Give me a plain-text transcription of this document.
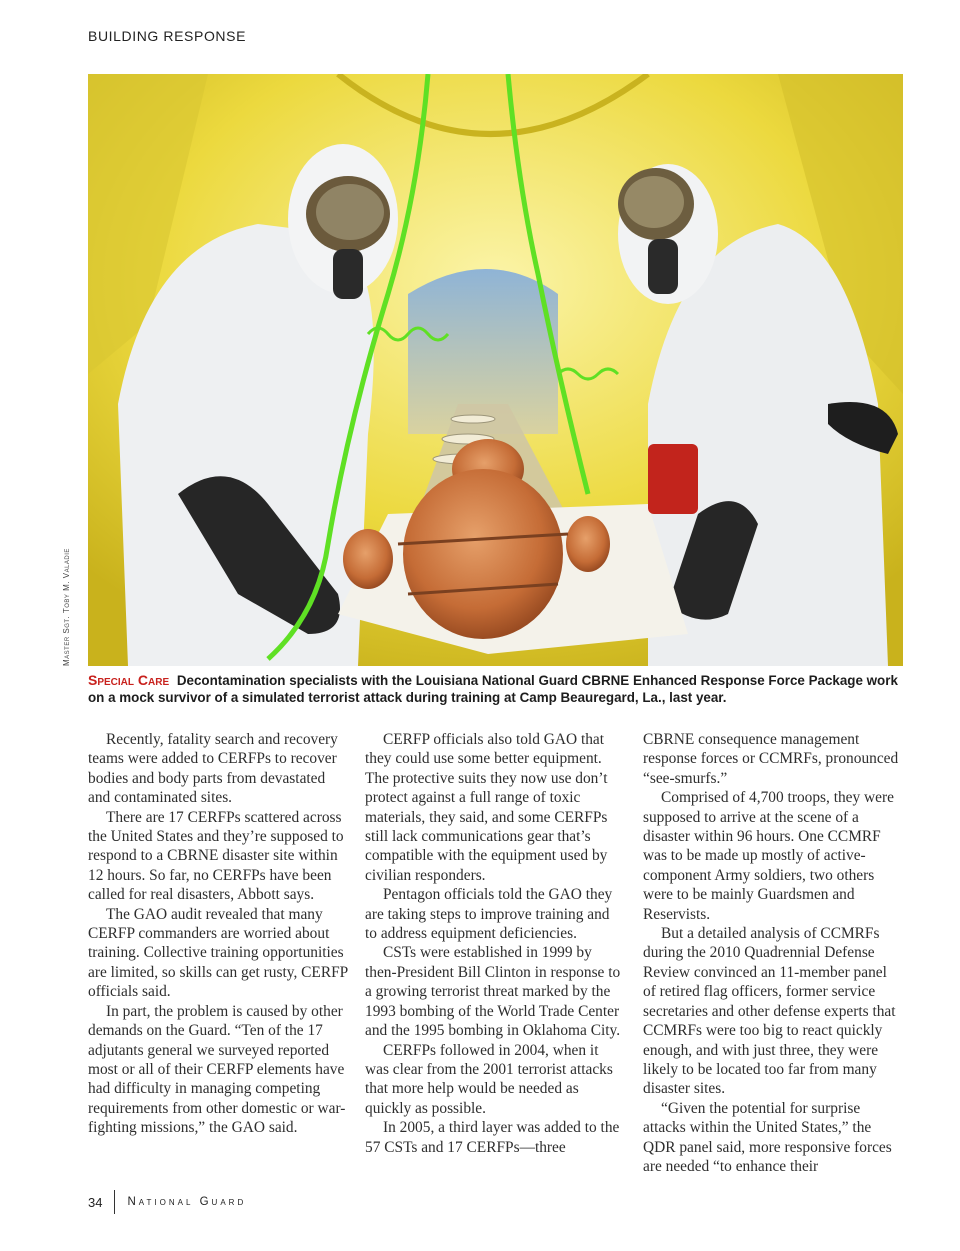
BUILDING RESPONSE
Master Sgt. Toby M. Valadie
Special Care Decontamination specialists with the Louisiana National Guard CBRNE Enhanced Response Force Package work on a mock survivor of a simulated terrorist attack during training at Camp Beauregard, La., last year.

Recently, fatality search and recovery teams were added to CERFPs to recover bodies and body parts from devastated and contaminated sites.

There are 17 CERFPs scattered across the United States and they’re supposed to respond to a CBRNE disaster site within 12 hours. So far, no CERFPs have been called for real disasters, Abbott says.

The GAO audit revealed that many CERFP commanders are worried about training. Collective training opportunities are limited, so skills can get rusty, CERFP officials said.

In part, the problem is caused by other demands on the Guard. “Ten of the 17 adjutants general we surveyed reported most or all of their CERFP elements have had difficulty in managing competing requirements from other domestic or war-fighting missions,” the GAO said.

CERFP officials also told GAO that they could use some better equipment. The protective suits they now use don’t protect against a full range of toxic materials, they said, and some CERFPs still lack communications gear that’s compatible with the equipment used by civilian responders.

Pentagon officials told the GAO they are taking steps to improve training and to address equipment deficiencies.

CSTs were established in 1999 by then-President Bill Clinton in response to a growing terrorist threat marked by the 1993 bombing of the World Trade Center and the 1995 bombing in Oklahoma City.

CERFPs followed in 2004, when it was clear from the 2001 terrorist attacks that more help would be needed as quickly as possible.

In 2005, a third layer was added to the 57 CSTs and 17 CERFPs—three

CBRNE consequence management response forces or CCMRFs, pronounced “see-smurfs.”

Comprised of 4,700 troops, they were supposed to arrive at the scene of a disaster within 96 hours. One CCMRF was to be made up mostly of active-component Army soldiers, two others were to be mainly Guardsmen and Reservists.

But a detailed analysis of CCMRFs during the 2010 Quadrennial Defense Review convinced an 11-member panel of retired flag officers, former service secretaries and other defense experts that CCMRFs were too big to react quickly enough, and with just three, they were likely to be located too far from many disaster sites.

“Given the potential for surprise attacks within the United States,” the QDR panel said, more responsive forces are needed “to enhance their

34 National Guard
